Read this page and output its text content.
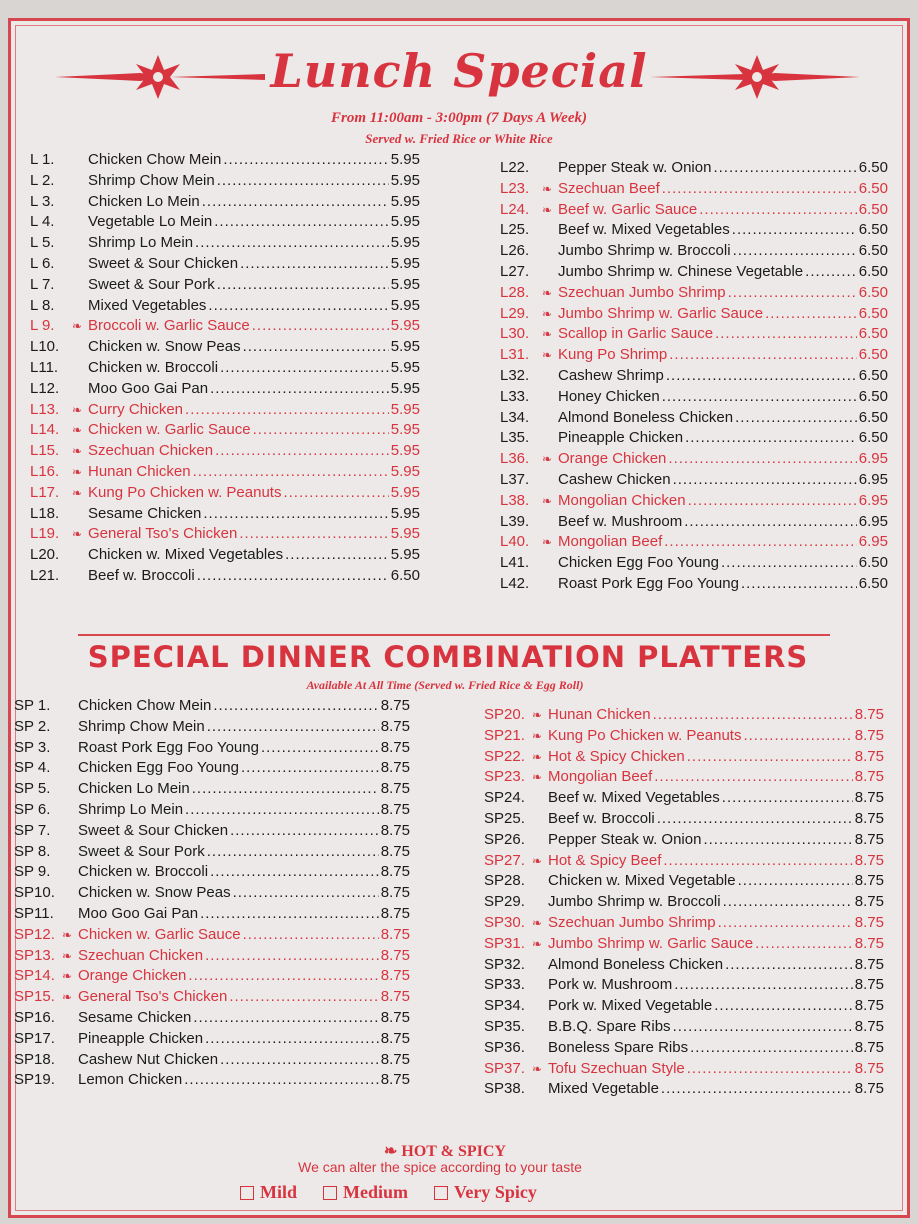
Lunch Special
From 11:00am - 3:00pm (7 Days A Week)
Served w. Fried Rice or White Rice
L 1.	Chicken Chow Mein .....	5.95
L 2.	Shrimp Chow Mein .....	5.95
L 3.	Chicken Lo Mein .....	5.95
L 4.	Vegetable Lo Mein .....	5.95
L 5.	Shrimp Lo Mein .....	5.95
L 6.	Sweet & Sour Chicken .....	5.95
L 7.	Sweet & Sour Pork .....	5.95
L 8.	Mixed Vegetables .....	5.95
L 9.	❧ Broccoli w. Garlic Sauce .....	5.95
L10.	Chicken w. Snow Peas .....	5.95
L11.	Chicken w. Broccoli .....	5.95
L12.	Moo Goo Gai Pan .....	5.95
L13.	❧ Curry Chicken .....	5.95
L14.	❧ Chicken w. Garlic Sauce .....	5.95
L15.	❧ Szechuan Chicken .....	5.95
L16.	❧ Hunan Chicken .....	5.95
L17.	❧ Kung Po Chicken w. Peanuts .....	5.95
L18.	Sesame Chicken .....	5.95
L19.	❧ General Tso's Chicken .....	5.95
L20.	Chicken w. Mixed Vegetables .....	5.95
L21.	Beef w. Broccoli .....	6.50
L22.	Pepper Steak w. Onion .....	6.50
L23.	❧ Szechuan Beef .....	6.50
L24.	❧ Beef w. Garlic Sauce .....	6.50
L25.	Beef w. Mixed Vegetables .....	6.50
L26.	Jumbo Shrimp w. Broccoli .....	6.50
L27.	Jumbo Shrimp w. Chinese Vegetable .....	6.50
L28.	❧ Szechuan Jumbo Shrimp .....	6.50
L29.	❧ Jumbo Shrimp w. Garlic Sauce .....	6.50
L30.	❧ Scallop in Garlic Sauce .....	6.50
L31.	❧ Kung Po Shrimp .....	6.50
L32.	Cashew Shrimp .....	6.50
L33.	Honey Chicken .....	6.50
L34.	Almond Boneless Chicken .....	6.50
L35.	Pineapple Chicken .....	6.50
L36.	❧ Orange Chicken .....	6.95
L37.	Cashew Chicken .....	6.95
L38.	❧ Mongolian Chicken .....	6.95
L39.	Beef w. Mushroom .....	6.95
L40.	❧ Mongolian Beef .....	6.95
L41.	Chicken Egg Foo Young .....	6.50
L42.	Roast Pork Egg Foo Young .....	6.50
SPECIAL DINNER COMBINATION PLATTERS
Available At All Time (Served w. Fried Rice & Egg Roll)
SP 1.	Chicken Chow Mein .....	8.75
SP 2.	Shrimp Chow Mein .....	8.75
SP 3.	Roast Pork Egg Foo Young .....	8.75
SP 4.	Chicken Egg Foo Young .....	8.75
SP 5.	Chicken Lo Mein .....	8.75
SP 6.	Shrimp Lo Mein .....	8.75
SP 7.	Sweet & Sour Chicken .....	8.75
SP 8.	Sweet & Sour Pork .....	8.75
SP 9.	Chicken w. Broccoli .....	8.75
SP10.	Chicken w. Snow Peas .....	8.75
SP11.	Moo Goo Gai Pan .....	8.75
SP12. ❧ Chicken w. Garlic Sauce .....	8.75
SP13. ❧ Szechuan Chicken .....	8.75
SP14. ❧ Orange Chicken .....	8.75
SP15. ❧ General Tso's Chicken .....	8.75
SP16.	Sesame Chicken .....	8.75
SP17.	Pineapple Chicken .....	8.75
SP18.	Cashew Nut Chicken .....	8.75
SP19.	Lemon Chicken .....	8.75
SP20. ❧ Hunan Chicken .....	8.75
SP21. ❧ Kung Po Chicken w. Peanuts .....	8.75
SP22. ❧ Hot & Spicy Chicken .....	8.75
SP23. ❧ Mongolian Beef .....	8.75
SP24.	Beef w. Mixed Vegetables .....	8.75
SP25.	Beef w. Broccoli .....	8.75
SP26.	Pepper Steak w. Onion .....	8.75
SP27. ❧ Hot & Spicy Beef .....	8.75
SP28.	Chicken w. Mixed Vegetable .....	8.75
SP29.	Jumbo Shrimp w. Broccoli .....	8.75
SP30. ❧ Szechuan Jumbo Shrimp .....	8.75
SP31. ❧ Jumbo Shrimp w. Garlic Sauce .....	8.75
SP32.	Almond Boneless Chicken .....	8.75
SP33.	Pork w. Mushroom .....	8.75
SP34.	Pork w. Mixed Vegetable .....	8.75
SP35.	B.B.Q. Spare Ribs .....	8.75
SP36.	Boneless Spare Ribs .....	8.75
SP37. ❧ Tofu Szechuan Style .....	8.75
SP38.	Mixed Vegetable .....	8.75
❧ HOT & SPICY
We can alter the spice according to your taste
Mild	Medium	Very Spicy
